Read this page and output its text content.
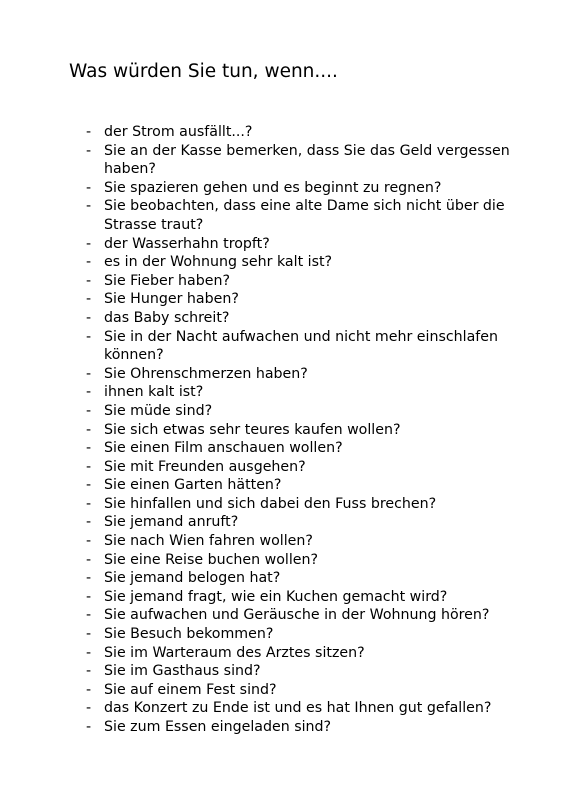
Was würden Sie tun, wenn....
- der Strom ausfällt...?
- Sie an der Kasse bemerken, dass Sie das Geld vergessen haben?
- Sie spazieren gehen und es beginnt zu regnen?
- Sie beobachten, dass eine alte Dame sich nicht über die Strasse traut?
- der Wasserhahn tropft?
- es in der Wohnung sehr kalt ist?
- Sie Fieber haben?
- Sie Hunger haben?
- das Baby schreit?
- Sie in der Nacht aufwachen und nicht mehr einschlafen können?
- Sie Ohrenschmerzen haben?
- ihnen kalt ist?
- Sie müde sind?
- Sie sich etwas sehr teures kaufen wollen?
- Sie einen Film anschauen wollen?
- Sie mit Freunden ausgehen?
- Sie einen Garten hätten?
- Sie hinfallen und sich dabei den Fuss brechen?
- Sie jemand anruft?
- Sie nach Wien fahren wollen?
- Sie eine Reise buchen wollen?
- Sie jemand belogen hat?
- Sie jemand fragt, wie ein Kuchen gemacht wird?
- Sie aufwachen und Geräusche in der Wohnung hören?
- Sie Besuch bekommen?
- Sie im Warteraum des Arztes sitzen?
- Sie im Gasthaus sind?
- Sie auf einem Fest sind?
- das Konzert zu Ende ist und es hat Ihnen gut gefallen?
- Sie zum Essen eingeladen sind?
